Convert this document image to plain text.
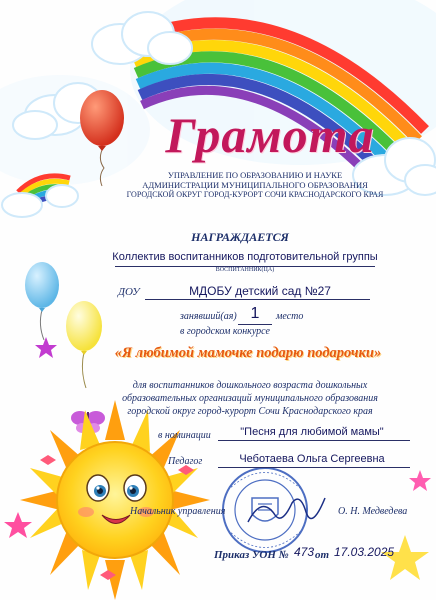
Грамота
УПРАВЛЕНИЕ ПО ОБРАЗОВАНИЮ И НАУКЕ
АДМИНИСТРАЦИИ МУНИЦИПАЛЬНОГО ОБРАЗОВАНИЯ
ГОРОДСКОЙ ОКРУГ ГОРОД-КУРОРТ СОЧИ КРАСНОДАРСКОГО КРАЯ
НАГРАЖДАЕТСЯ
Коллектив воспитанников подготовительной группы
ВОСПИТАННИК(ЦА)
ДОУ	МДОБУ детский сад №27
занявший(ая) 1	место
в городском конкурсе
«Я любимой мамочке подарю подарочки»
для воспитанников дошкольного возраста дошкольных
образовательных организаций муниципального образования
городской округ город-курорт Сочи Краснодарского края
в номинации	"Песня для любимой мамы"
Педагог	Чеботаева Ольга Сергеевна
Начальник управления	О. Н. Медведева
Приказ УОН № 473 от 17.03.2025
